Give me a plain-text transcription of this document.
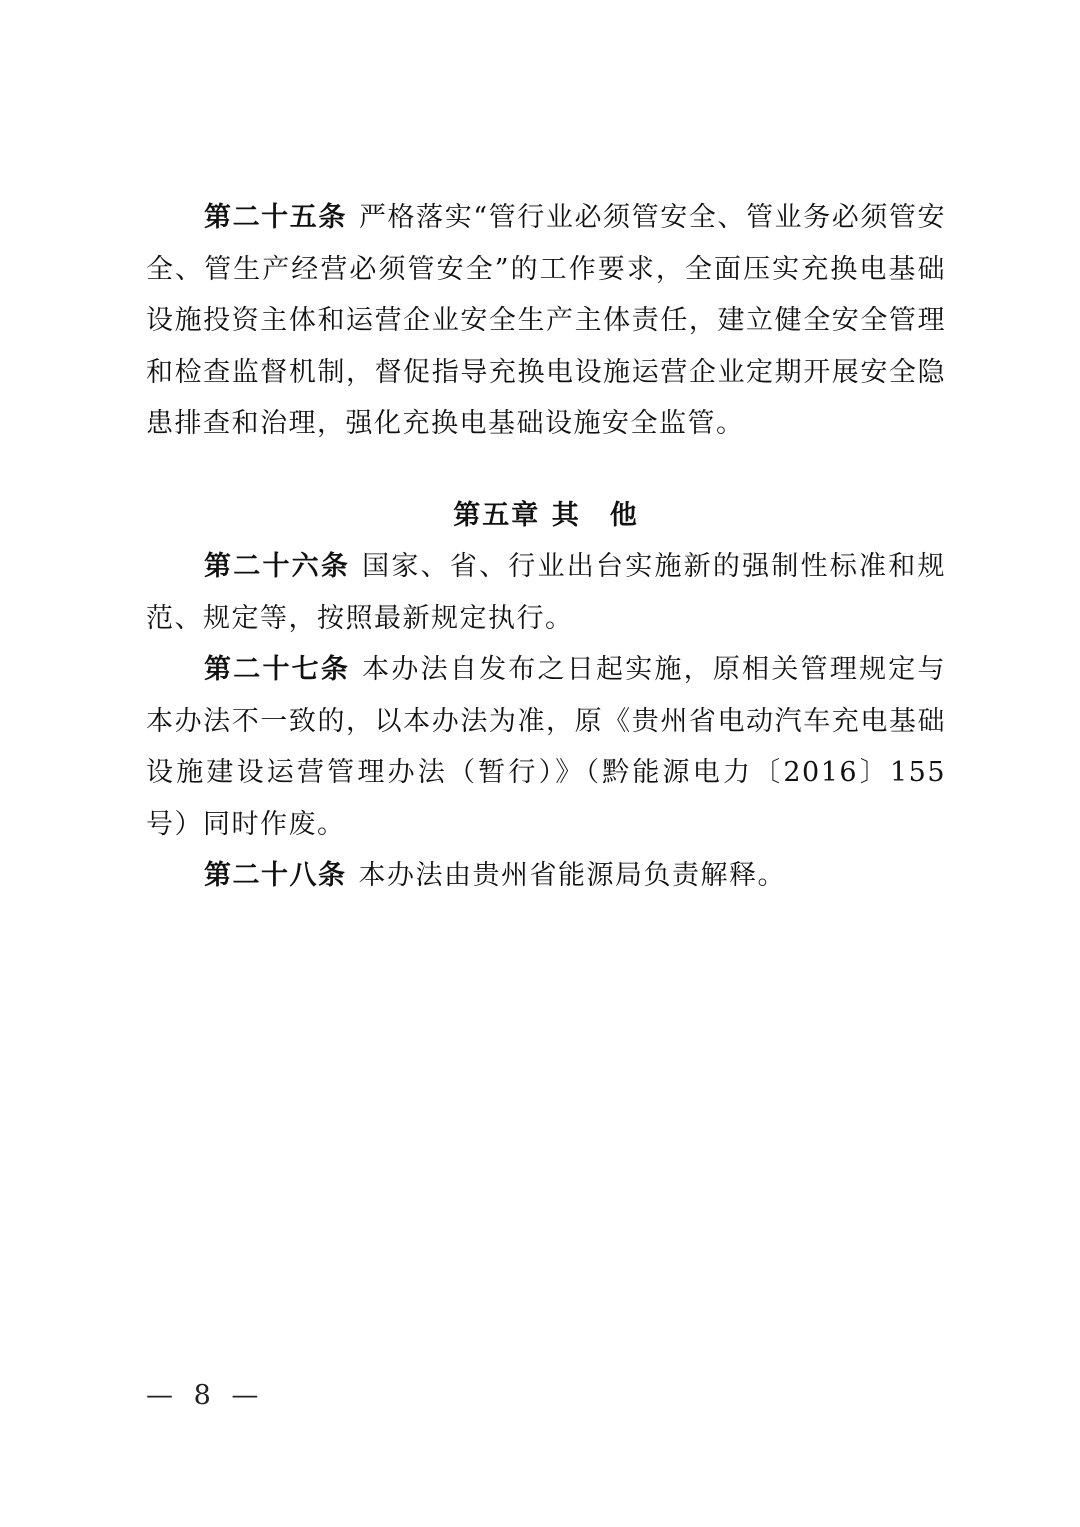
第二十五条 严格落实“管行业必须管安全、管业务必须管安全、管生产经营必须管安全”的工作要求，全面压实充换电基础设施投资主体和运营企业安全生产主体责任，建立健全安全管理和检查监督机制，督促指导充换电设施运营企业定期开展安全隐患排查和治理，强化充换电基础设施安全监管。

第五章 其　他

第二十六条 国家、省、行业出台实施新的强制性标准和规范、规定等，按照最新规定执行。

第二十七条 本办法自发布之日起实施，原相关管理规定与本办法不一致的，以本办法为准，原《贵州省电动汽车充电基础设施建设运营管理办法（暂行）》（黔能源电力〔2016〕155号）同时作废。

第二十八条 本办法由贵州省能源局负责解释。

— 8 —
